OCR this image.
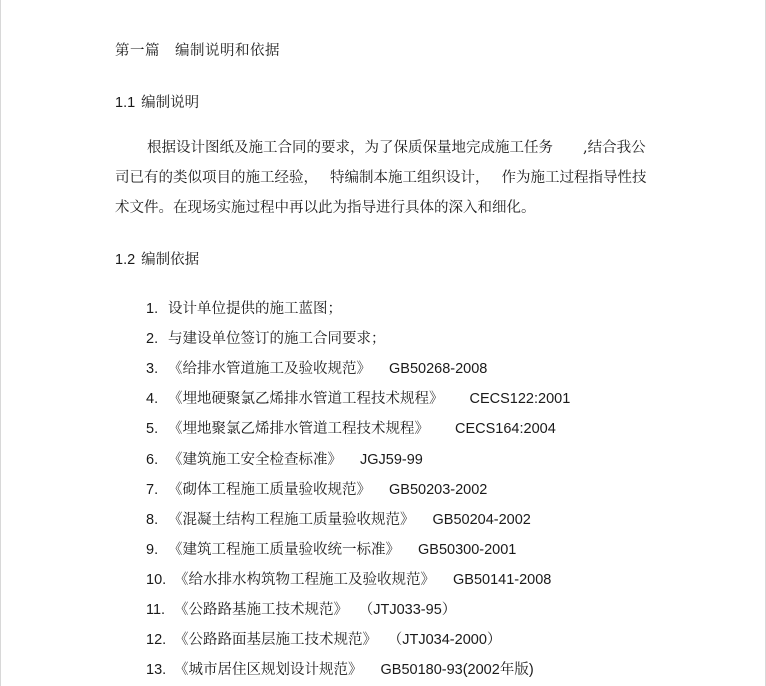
第一篇 编制说明和依据
1.1 编制说明

根据设计图纸及施工合同的要求，为了保质保量地完成施工任务 ,结合我公

司已有的类似项目的施工经验， 特编制本施工组织设计， 作为施工过程指导性技

术文件。在现场实施过程中再以此为指导进行具体的深入和细化。

1.2 编制依据
1. 设计单位提供的施工蓝图；
2. 与建设单位签订的施工合同要求；
3. 《给排水管道施工及验收规范》 GB50268-2008
4. 《埋地硬聚氯乙烯排水管道工程技术规程》 CECS122:2001
5. 《埋地聚氯乙烯排水管道工程技术规程》 CECS164:2004
6. 《建筑施工安全检查标准》 JGJ59-99
7. 《砌体工程施工质量验收规范》 GB50203-2002
8. 《混凝土结构工程施工质量验收规范》 GB50204-2002
9. 《建筑工程施工质量验收统一标准》 GB50300-2001
10. 《给水排水构筑物工程施工及验收规范》 GB50141-2008
11. 《公路路基施工技术规范》 （JTJ033-95）
12. 《公路路面基层施工技术规范》 （JTJ034-2000）
13. 《城市居住区规划设计规范》 GB50180-93(2002年版)
